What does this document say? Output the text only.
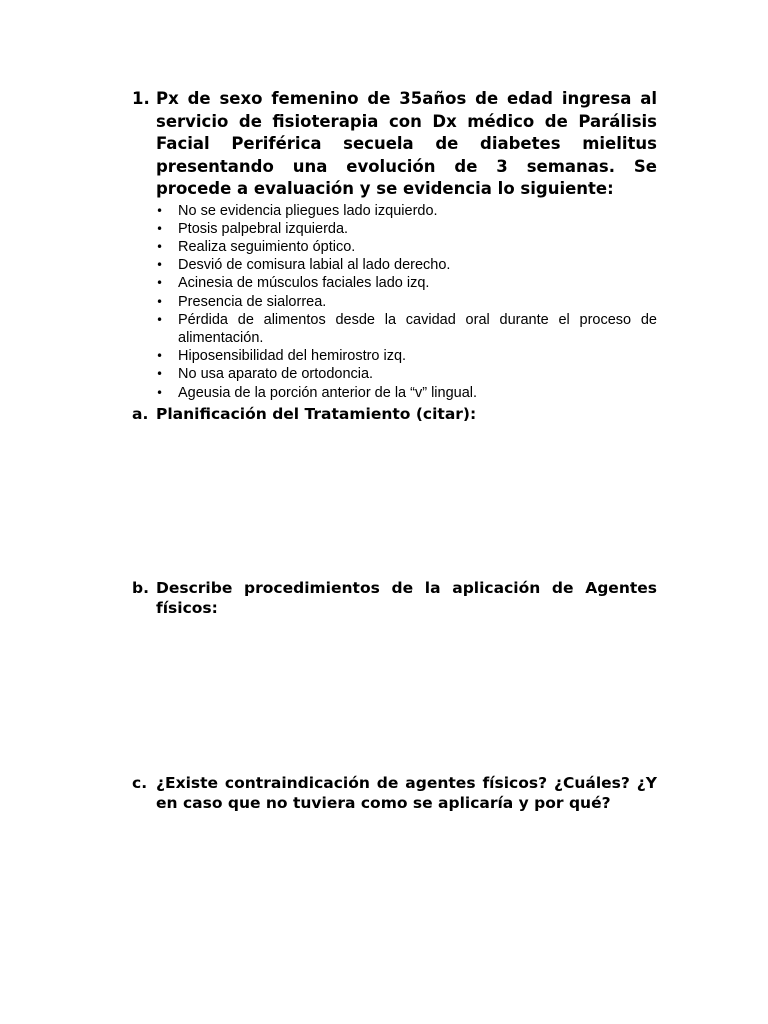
1. Px de sexo femenino de 35años de edad ingresa al servicio de fisioterapia con Dx médico de Parálisis Facial Periférica secuela de diabetes mielitus presentando una evolución de 3 semanas. Se procede a evaluación y se evidencia lo siguiente:
•	No se evidencia pliegues lado izquierdo.
•	Ptosis palpebral izquierda.
•	Realiza seguimiento óptico.
•	Desvió de comisura labial al lado derecho.
•	Acinesia de músculos faciales lado izq.
•	Presencia de sialorrea.
•	Pérdida de alimentos desde la cavidad oral durante el proceso de alimentación.
•	Hiposensibilidad del hemirostro izq.
•	No usa aparato de ortodoncia.
•	Ageusia de la porción anterior de la “v” lingual.
a. Planificación del Tratamiento (citar):
b. Describe procedimientos de la aplicación de Agentes físicos:
c. ¿Existe contraindicación de agentes físicos? ¿Cuáles? ¿Y en caso que no tuviera como se aplicaría y por qué?
